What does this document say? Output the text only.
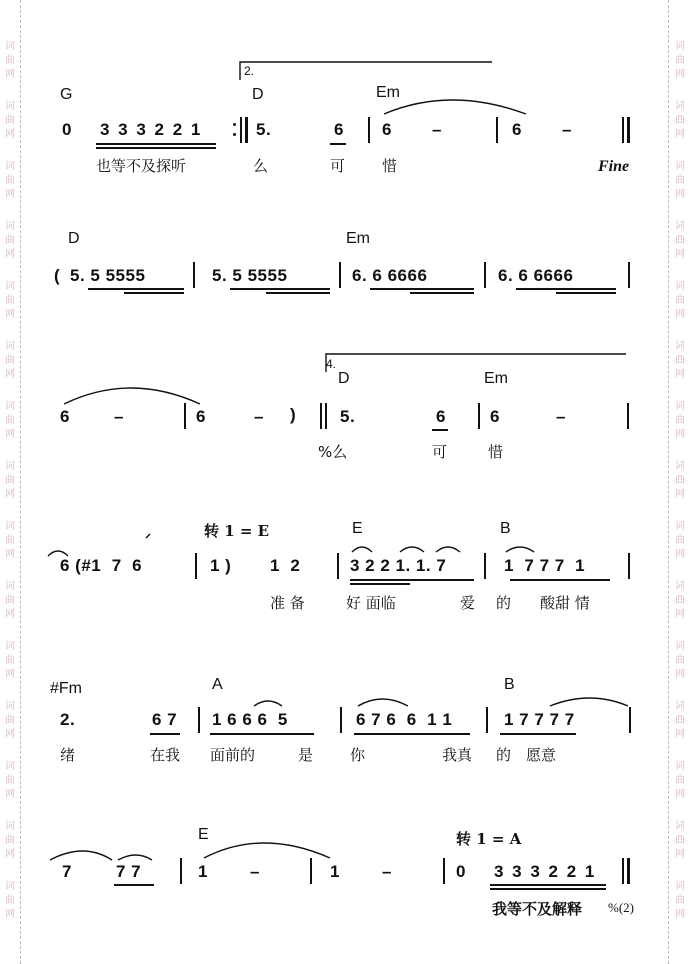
词
曲
网
词
曲
网
词
曲
网
词
曲
网
词
曲
网
词
曲
网
词
曲
网
词
曲
网
词
曲
网
词
曲
网
词
曲
网
词
曲
网
词
曲
网
词
曲
网
词
曲
网
词
曲
网
词
曲
网
词
曲
网
词
曲
网
词
曲
网
词
曲
网
词
曲
网
词
曲
网
词
曲
网
词
曲
网
词
曲
网
词
曲
网
词
曲
网
词
曲
网
词
曲
网
G	D	Em
2.
0 3 3 3 2 2 1	5.	6 6 –	6 –
也等不及探听	么	可 惜	Fine
D	Em
( 5. 5 5555	5. 5 5555	6. 6 6666	6. 6 6666
4.
D	Em
6	–	6	– )	5.	6	6	–
%么	可	惜
转 1 = E	E	B
6 (#1  7  6	1 ) 1  2	3 2 2 1. 1. 7	1  7 7 7  1
准 备	好 面临	爱 的 酸甜 情
#Fm	A	B
2.	6 7 1 6 6 6  5	6 7 6  6  1 1	1 7 7 7 7
绪	在我 面前的	是 你	我真 的 愿意
E	转 1 = A
7	7 7	1 –	1 –	0 3 3 3 2 2 1
我等不及解释 %(2)
